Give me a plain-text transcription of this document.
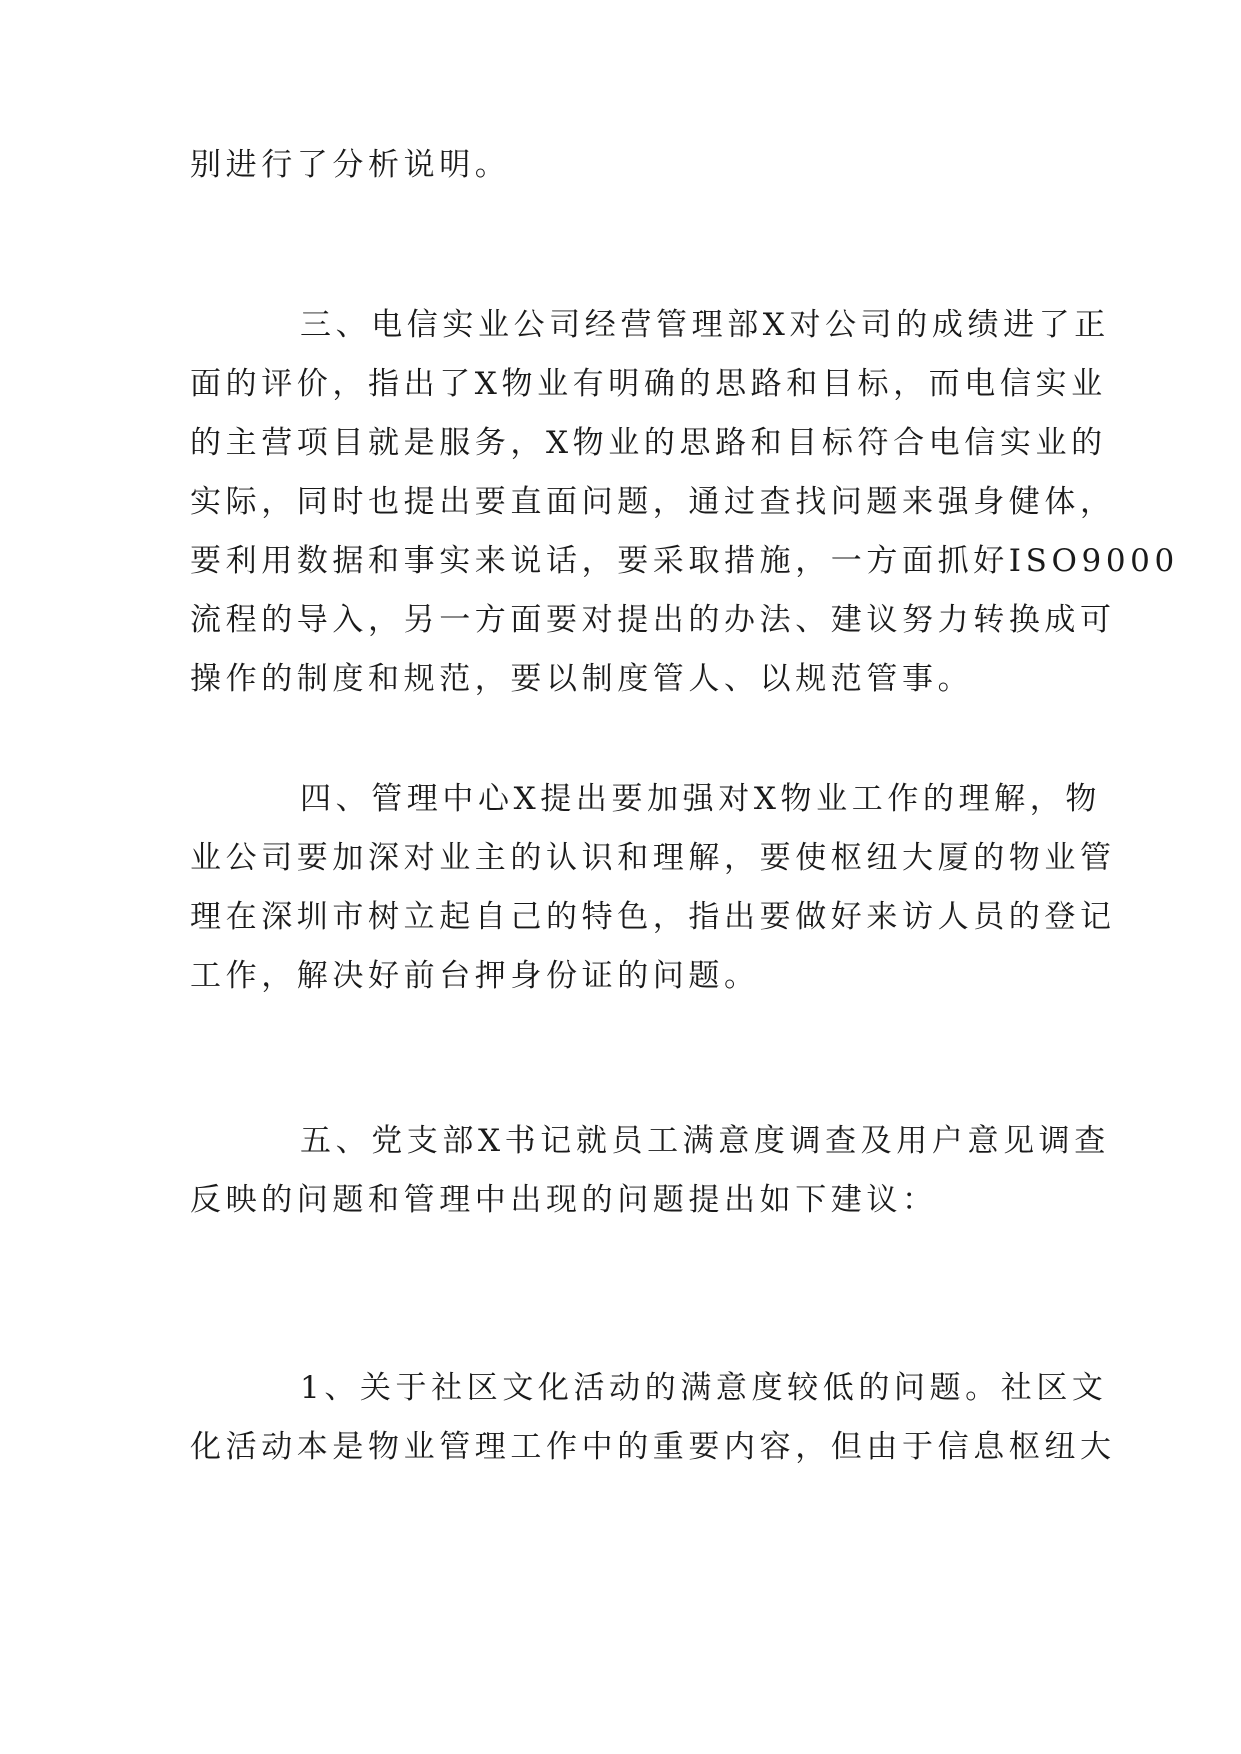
别进行了分析说明。
三、电信实业公司经营管理部X对公司的成绩进了正
面的评价，指出了X物业有明确的思路和目标，而电信实业
的主营项目就是服务，X物业的思路和目标符合电信实业的
实际，同时也提出要直面问题，通过查找问题来强身健体，
要利用数据和事实来说话，要采取措施，一方面抓好ISO9000
流程的导入，另一方面要对提出的办法、建议努力转换成可
操作的制度和规范，要以制度管人、以规范管事。
四、管理中心X提出要加强对X物业工作的理解，物
业公司要加深对业主的认识和理解，要使枢纽大厦的物业管
理在深圳市树立起自己的特色，指出要做好来访人员的登记
工作，解决好前台押身份证的问题。
五、党支部X书记就员工满意度调查及用户意见调查
反映的问题和管理中出现的问题提出如下建议：
1、关于社区文化活动的满意度较低的问题。社区文
化活动本是物业管理工作中的重要内容，但由于信息枢纽大
